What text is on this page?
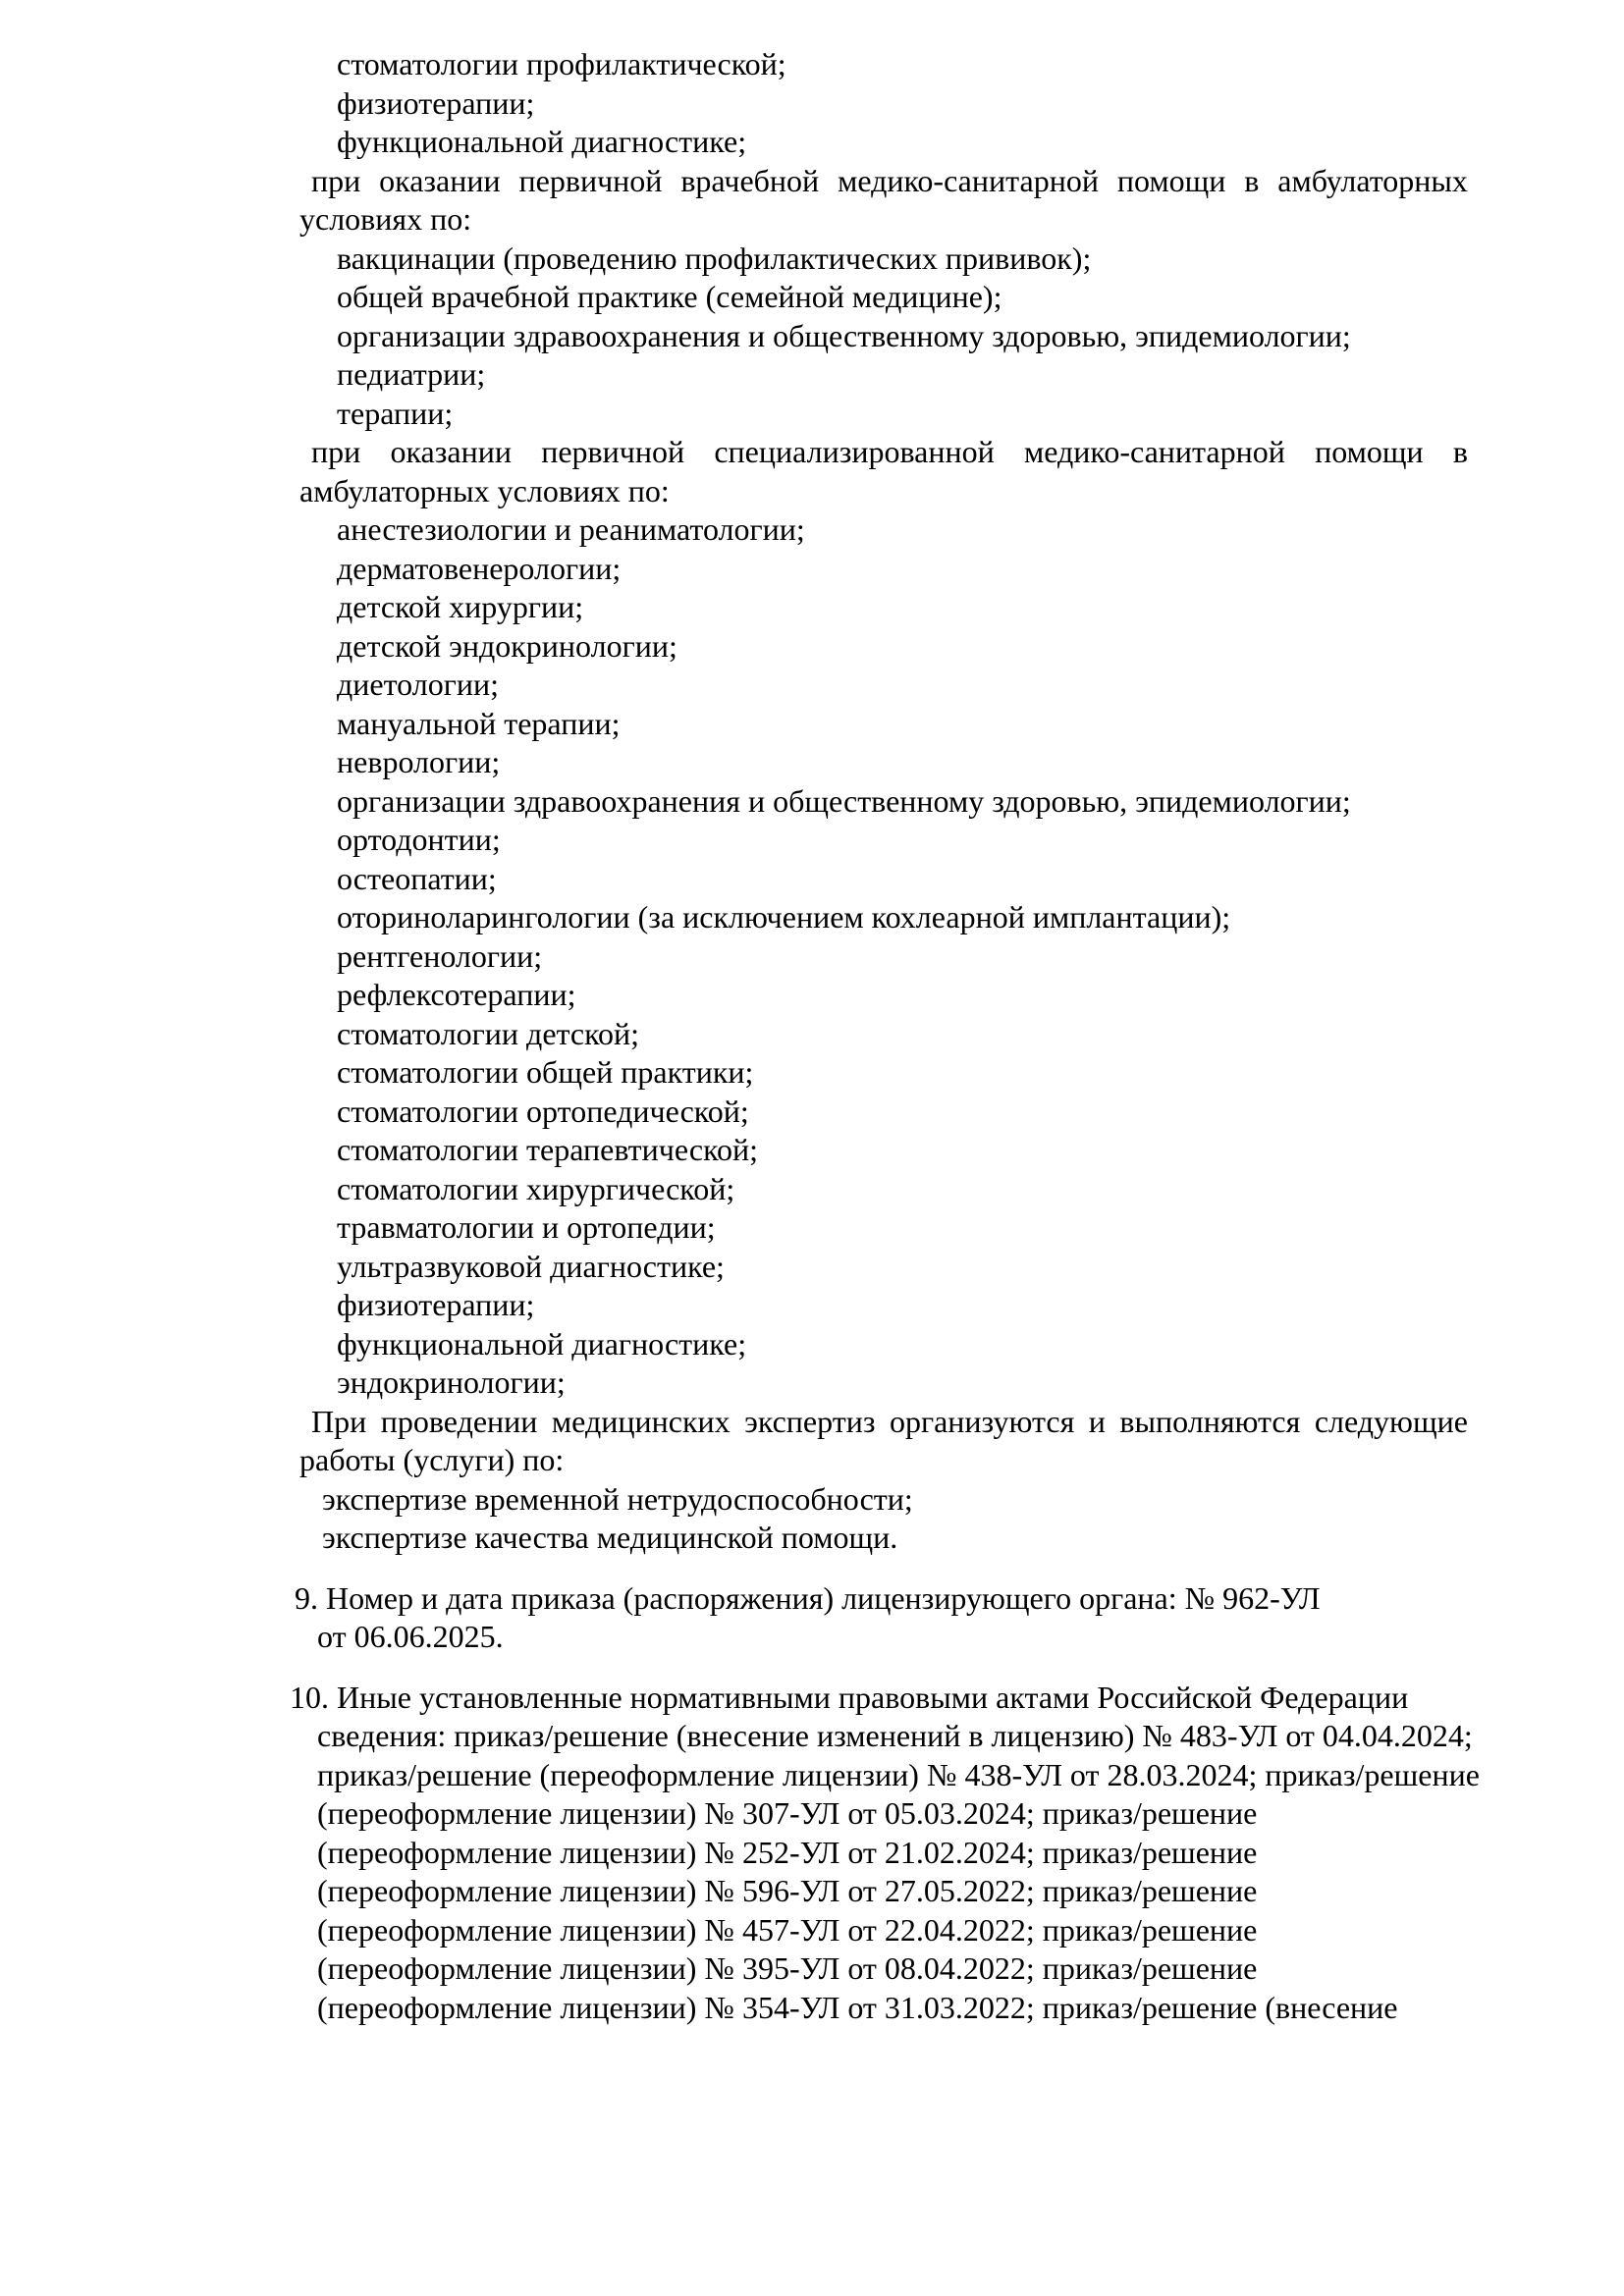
стоматологии профилактической;
физиотерапии;
функциональной диагностике;
при оказании первичной врачебной медико-санитарной помощи в амбулаторных
условиях по:
вакцинации (проведению профилактических прививок);
общей врачебной практике (семейной медицине);
организации здравоохранения и общественному здоровью, эпидемиологии;
педиатрии;
терапии;
при оказании первичной специализированной медико-санитарной помощи в
амбулаторных условиях по:
анестезиологии и реаниматологии;
дерматовенерологии;
детской хирургии;
детской эндокринологии;
диетологии;
мануальной терапии;
неврологии;
организации здравоохранения и общественному здоровью, эпидемиологии;
ортодонтии;
остеопатии;
оториноларингологии (за исключением кохлеарной имплантации);
рентгенологии;
рефлексотерапии;
стоматологии детской;
стоматологии общей практики;
стоматологии ортопедической;
стоматологии терапевтической;
стоматологии хирургической;
травматологии и ортопедии;
ультразвуковой диагностике;
физиотерапии;
функциональной диагностике;
эндокринологии;
При проведении медицинских экспертиз организуются и выполняются следующие
работы (услуги) по:
экспертизе временной нетрудоспособности;
экспертизе качества медицинской помощи.
9. Номер и дата приказа (распоряжения) лицензирующего органа: № 962-УЛ
от 06.06.2025.
10. Иные установленные нормативными правовыми актами Российской Федерации
сведения: приказ/решение (внесение изменений в лицензию) № 483-УЛ от 04.04.2024;
приказ/решение (переоформление лицензии) № 438-УЛ от 28.03.2024; приказ/решение
(переоформление лицензии) № 307-УЛ от 05.03.2024; приказ/решение
(переоформление лицензии) № 252-УЛ от 21.02.2024; приказ/решение
(переоформление лицензии) № 596-УЛ от 27.05.2022; приказ/решение
(переоформление лицензии) № 457-УЛ от 22.04.2022; приказ/решение
(переоформление лицензии) № 395-УЛ от 08.04.2022; приказ/решение
(переоформление лицензии) № 354-УЛ от 31.03.2022; приказ/решение (внесение
